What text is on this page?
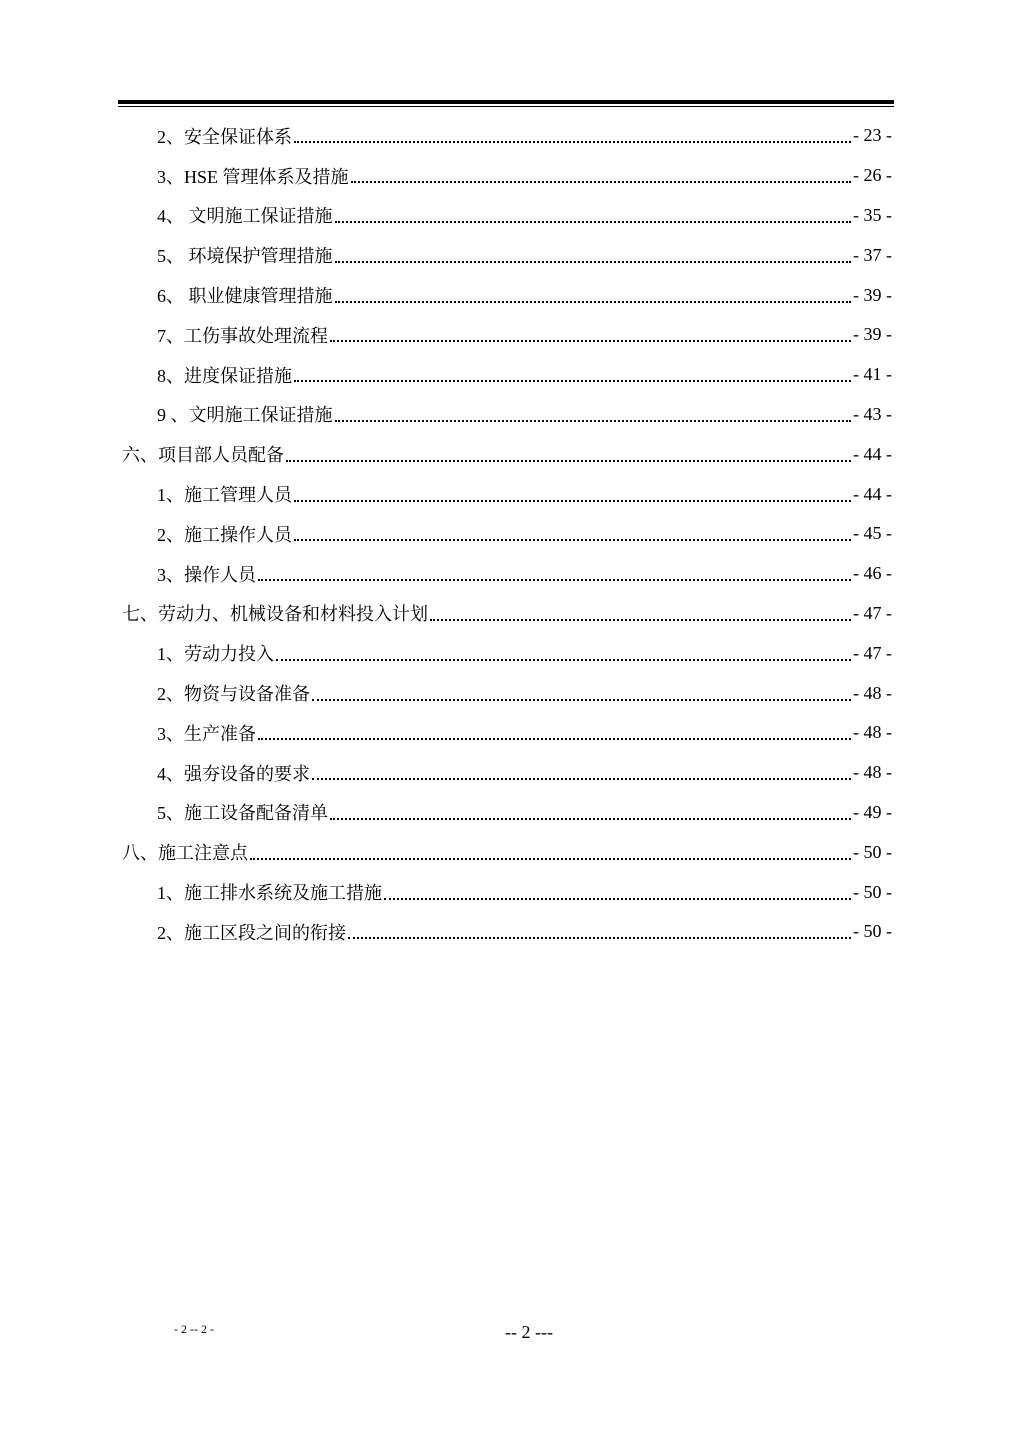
2、安全保证体系	- 23 -
3、HSE 管理体系及措施	- 26 -
4、 文明施工保证措施	- 35 -
5、 环境保护管理措施	- 37 -
6、 职业健康管理措施	- 39 -
7、工伤事故处理流程	- 39 -
8、进度保证措施	- 41 -
9 、文明施工保证措施	- 43 -
六、项目部人员配备	- 44 -
1、施工管理人员	- 44 -
2、施工操作人员	- 45 -
3、操作人员	- 46 -
七、劳动力、机械设备和材料投入计划	- 47 -
1、劳动力投入	- 47 -
2、物资与设备准备	- 48 -
3、生产准备	- 48 -
4、强夯设备的要求	- 48 -
5、施工设备配备清单	- 49 -
八、施工注意点	- 50 -
1、施工排水系统及施工措施	- 50 -
2、施工区段之间的衔接	- 50 -
- 2 -- 2 -	-- 2 ---
